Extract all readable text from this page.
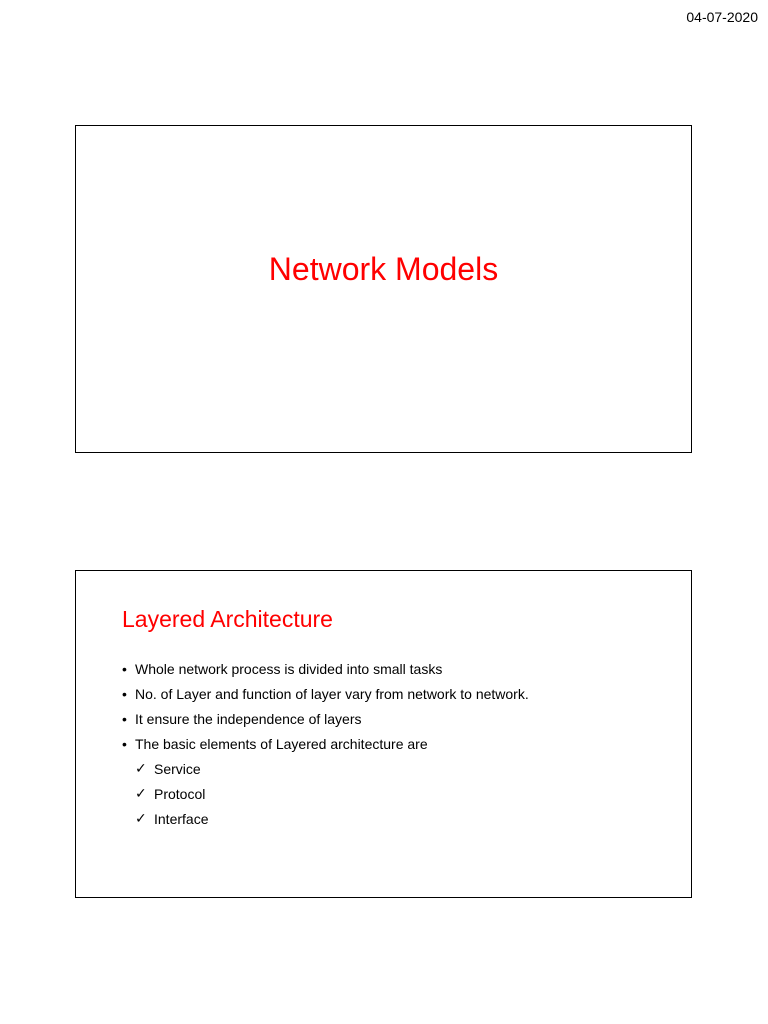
04-07-2020
Network Models
Layered Architecture
• Whole network process is divided into small tasks
• No. of Layer and function of layer vary from network to network.
• It ensure the independence of layers
• The basic elements of Layered architecture are
✓ Service
✓ Protocol
✓ Interface
